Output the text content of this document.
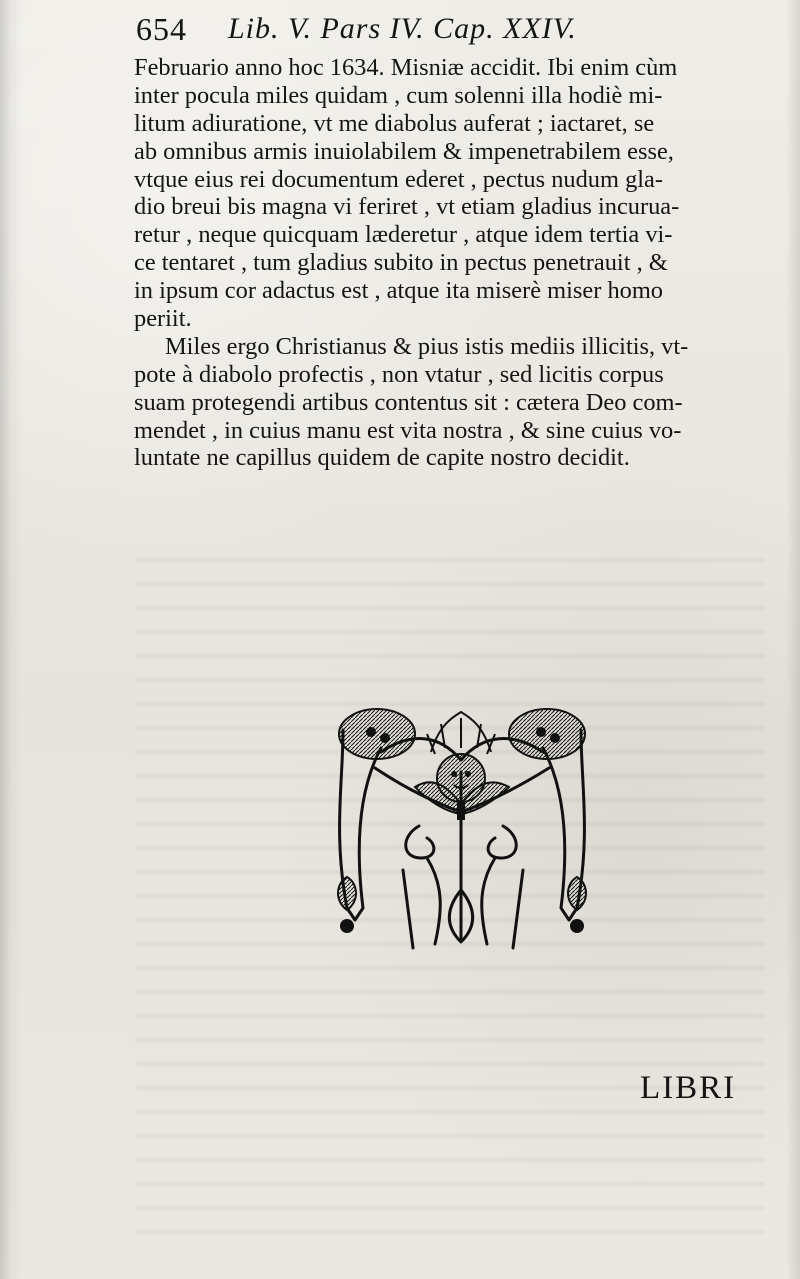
654 Lib. V. Pars IV. Cap. XXIV.
Februario anno hoc 1634. Misniæ accidit. Ibi enim cùm
inter pocula miles quidam , cum solenni illa hodiè mi-
litum adiuratione, vt me diabolus auferat ; iactaret, se
ab omnibus armis inuiolabilem & impenetrabilem esse,
vtque eius rei documentum ederet , pectus nudum gla-
dio breui bis magna vi feriret , vt etiam gladius incurua-
retur , neque quicquam læderetur , atque idem tertia vi-
ce tentaret , tum gladius subito in pectus penetrauit , &
in ipsum cor adactus est , atque ita miserè miser homo
periit.
Miles ergo Christianus & pius istis mediis illicitis, vt-
pote à diabolo profectis , non vtatur , sed licitis corpus
suam protegendi artibus contentus sit : cætera Deo com-
mendet , in cuius manu est vita nostra , & sine cuius vo-
luntate ne capillus quidem de capite nostro decidit.
LIBRI
